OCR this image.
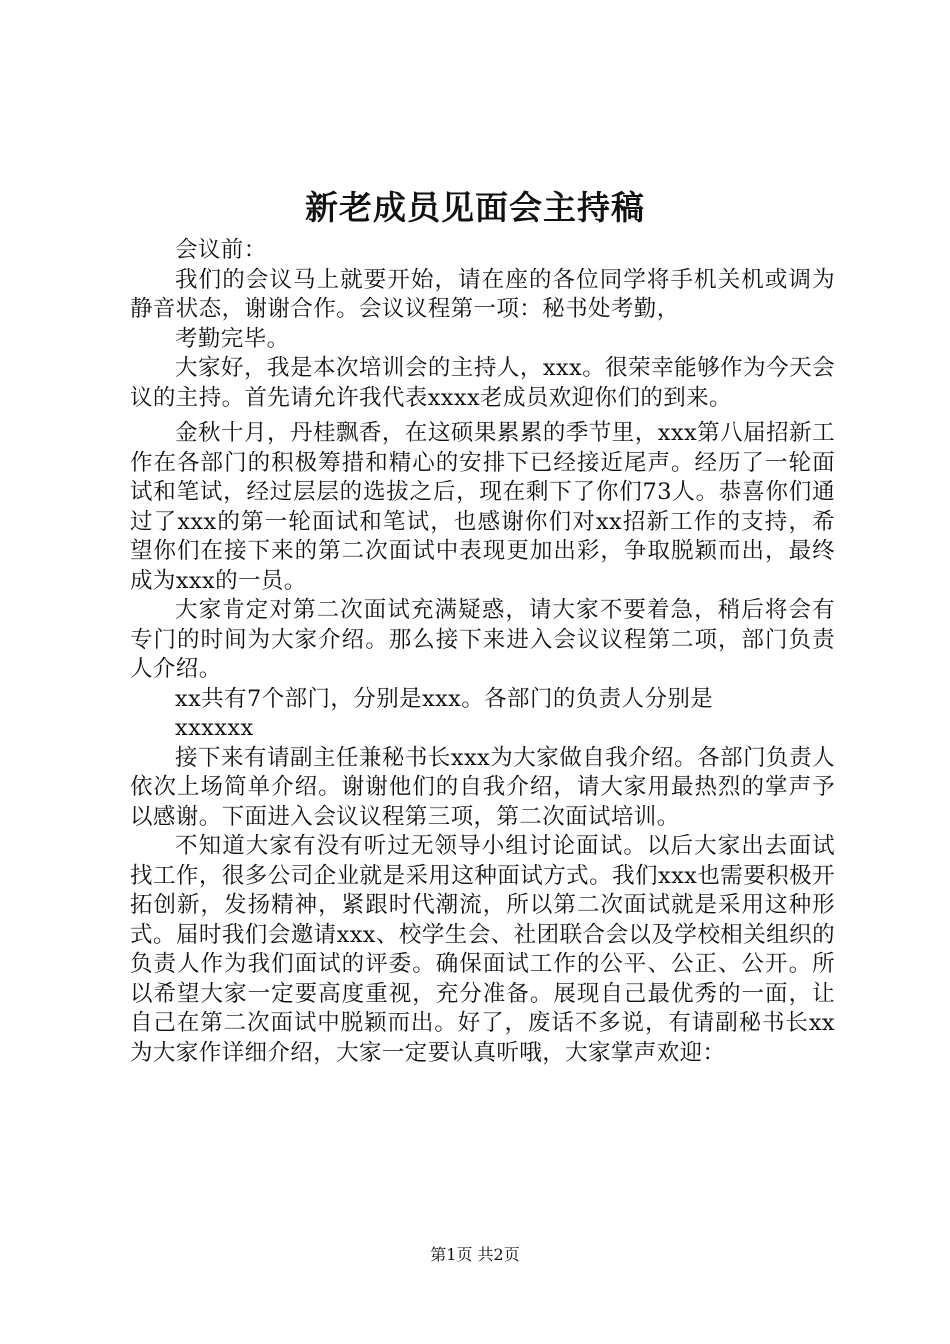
新老成员见面会主持稿

会议前：

我们的会议马上就要开始，请在座的各位同学将手机关机或调为静音状态，谢谢合作。会议议程第一项：秘书处考勤，

考勤完毕。

大家好，我是本次培训会的主持人，xxx。很荣幸能够作为今天会议的主持。首先请允许我代表xxxx老成员欢迎你们的到来。

金秋十月，丹桂飘香，在这硕果累累的季节里，xxx第八届招新工作在各部门的积极筹措和精心的安排下已经接近尾声。经历了一轮面试和笔试，经过层层的选拔之后，现在剩下了你们73人。恭喜你们通过了xxx的第一轮面试和笔试，也感谢你们对xx招新工作的支持，希望你们在接下来的第二次面试中表现更加出彩，争取脱颖而出，最终成为xxx的一员。

大家肯定对第二次面试充满疑惑，请大家不要着急，稍后将会有专门的时间为大家介绍。那么接下来进入会议议程第二项，部门负责人介绍。

xx共有7个部门，分别是xxx。各部门的负责人分别是

xxxxxx

接下来有请副主任兼秘书长xxx为大家做自我介绍。各部门负责人依次上场简单介绍。谢谢他们的自我介绍，请大家用最热烈的掌声予以感谢。下面进入会议议程第三项，第二次面试培训。

不知道大家有没有听过无领导小组讨论面试。以后大家出去面试找工作，很多公司企业就是采用这种面试方式。我们xxx也需要积极开拓创新，发扬精神，紧跟时代潮流，所以第二次面试就是采用这种形式。届时我们会邀请xxx、校学生会、社团联合会以及学校相关组织的负责人作为我们面试的评委。确保面试工作的公平、公正、公开。所以希望大家一定要高度重视，充分准备。展现自己最优秀的一面，让自己在第二次面试中脱颖而出。好了，废话不多说，有请副秘书长xx为大家作详细介绍，大家一定要认真听哦，大家掌声欢迎：

第1页 共2页
